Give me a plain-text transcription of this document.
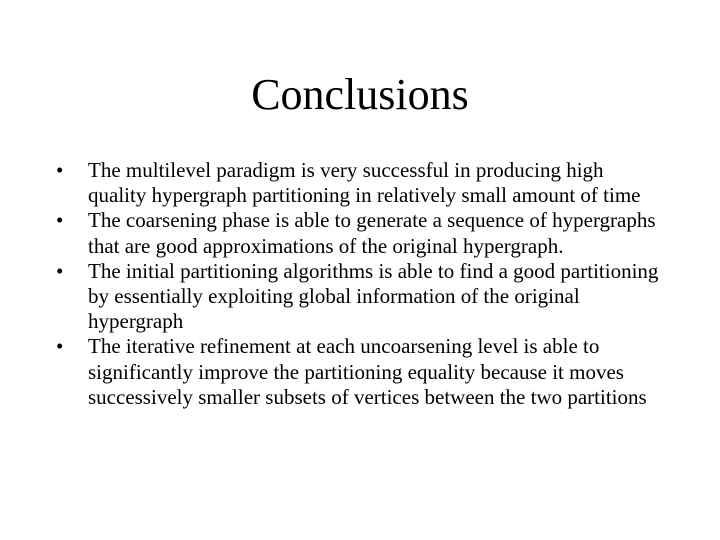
Conclusions
•	The multilevel paradigm is very successful in producing high quality hypergraph partitioning in relatively small amount of time
•	The coarsening phase is able to generate a sequence of hypergraphs that are good approximations of the original hypergraph.
•	The initial partitioning algorithms is able to find a good partitioning by essentially exploiting global information of the original hypergraph
•	The iterative refinement at each uncoarsening level is able to significantly improve the partitioning equality because it moves successively smaller subsets of vertices between the two partitions
